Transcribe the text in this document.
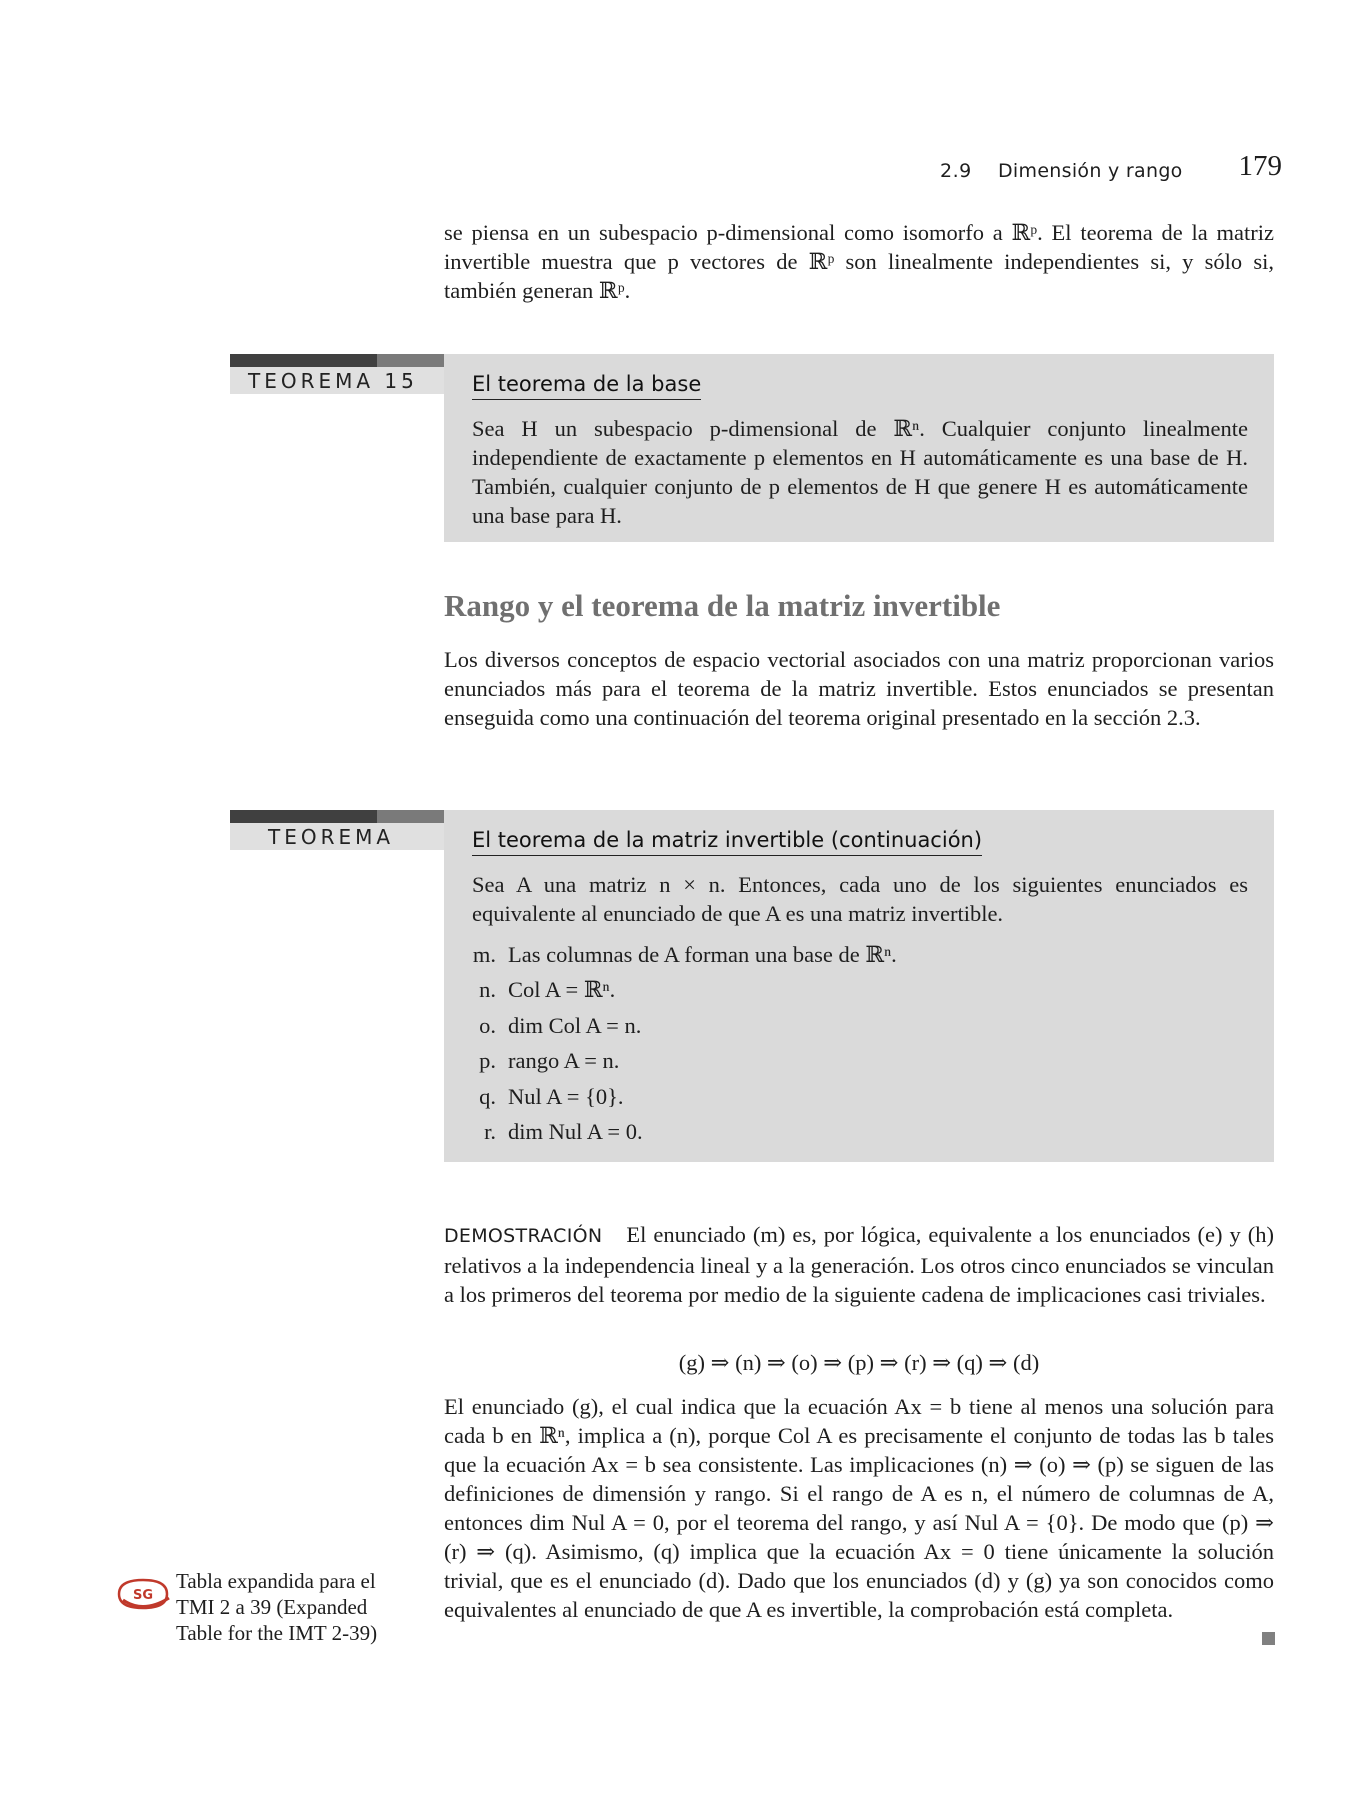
2.9 Dimensión y rango 179

se piensa en un subespacio p-dimensional como isomorfo a ℝᵖ. El teorema de la matriz invertible muestra que p vectores de ℝᵖ son linealmente independientes si, y sólo si, también generan ℝᵖ.

TEOREMA 15	El teorema de la base
Sea H un subespacio p-dimensional de ℝⁿ. Cualquier conjunto linealmente independiente de exactamente p elementos en H automáticamente es una base de H. También, cualquier conjunto de p elementos de H que genere H es automáticamente una base para H.
Rango y el teorema de la matriz invertible

Los diversos conceptos de espacio vectorial asociados con una matriz proporcionan varios enunciados más para el teorema de la matriz invertible. Estos enunciados se presentan enseguida como una continuación del teorema original presentado en la sección 2.3.

TEOREMA	El teorema de la matriz invertible (continuación)
Sea A una matriz n × n. Entonces, cada uno de los siguientes enunciados es equivalente al enunciado de que A es una matriz invertible.
m. Las columnas de A forman una base de ℝⁿ.
n. Col A = ℝⁿ.
o. dim Col A = n.
p. rango A = n.
q. Nul A = {0}.
r. dim Nul A = 0.

DEMOSTRACIÓN El enunciado (m) es, por lógica, equivalente a los enunciados (e) y (h) relativos a la independencia lineal y a la generación. Los otros cinco enunciados se vinculan a los primeros del teorema por medio de la siguiente cadena de implicaciones casi triviales.

(g) ⇒ (n) ⇒ (o) ⇒ (p) ⇒ (r) ⇒ (q) ⇒ (d)

El enunciado (g), el cual indica que la ecuación Ax = b tiene al menos una solución para cada b en ℝⁿ, implica a (n), porque Col A es precisamente el conjunto de todas las b tales que la ecuación Ax = b sea consistente. Las implicaciones (n) ⇒ (o) ⇒ (p) se siguen de las definiciones de dimensión y rango. Si el rango de A es n, el número de columnas de A, entonces dim Nul A = 0, por el teorema del rango, y así Nul A = {0}. De modo que (p) ⇒ (r) ⇒ (q). Asimismo, (q) implica que la ecuación Ax = 0 tiene únicamente la solución trivial, que es el enunciado (d). Dado que los enunciados (d) y (g) ya son conocidos como equivalentes al enunciado de que A es invertible, la comprobación está completa.

SG
Tabla expandida para el TMI 2 a 39 (Expanded Table for the IMT 2-39)
